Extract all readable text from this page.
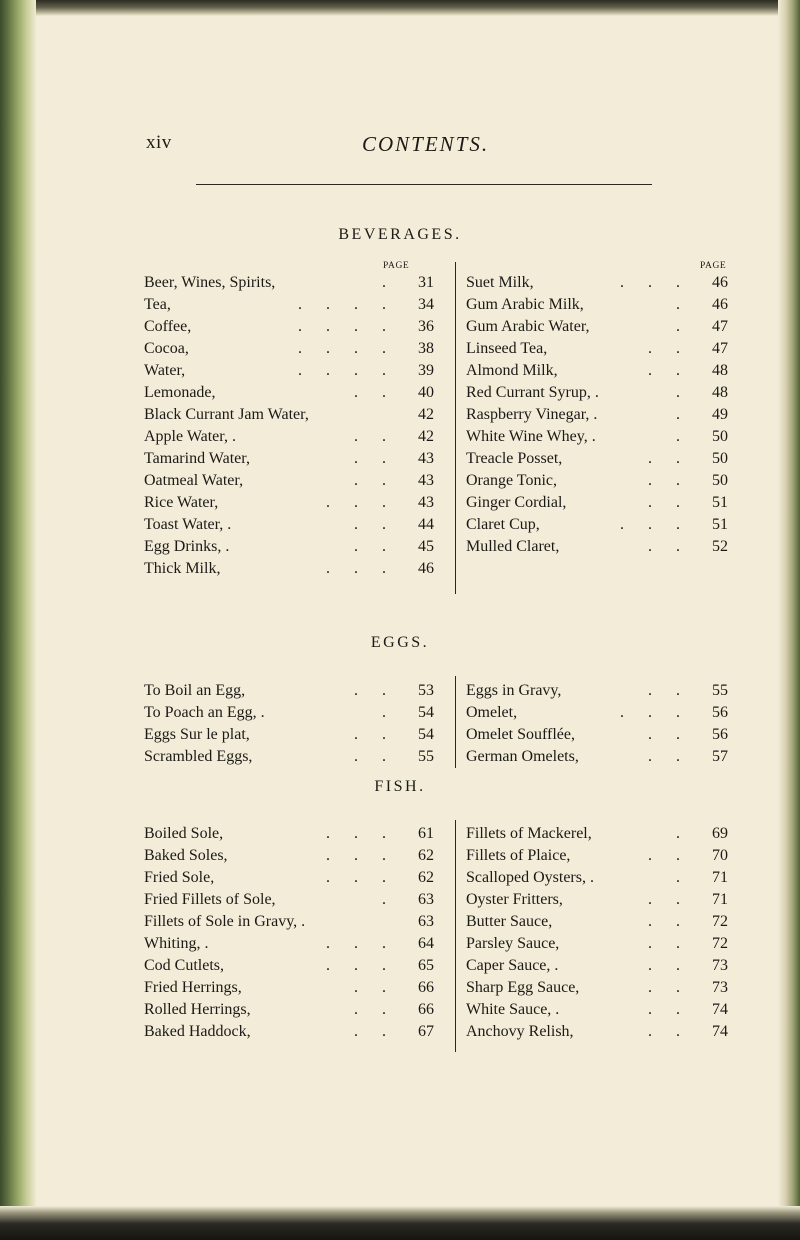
xiv	CONTENTS.
BEVERAGES.
EGGS.
FISH.
PAGE	PAGE
Beer, Wines, Spirits,	. 31
Tea,	. . . . 34
Coffee,	. . . . 36
Cocoa,	. . . . 38
Water,	. . . . 39
Lemonade,	. . 40
Black Currant Jam Water,	42
Apple Water, .	. . 42
Tamarind Water,	. . 43
Oatmeal Water,	. . 43
Rice Water,	. . . 43
Toast Water, .	. . 44
Egg Drinks, .	. . 45
Thick Milk,	. . . 46
Suet Milk,	. . . 46
Gum Arabic Milk,	. 46
Gum Arabic Water,	. 47
Linseed Tea,	. . 47
Almond Milk,	. . 48
Red Currant Syrup, .	. 48
Raspberry Vinegar, .	. 49
White Wine Whey, .	. 50
Treacle Posset,	. . 50
Orange Tonic,	. . 50
Ginger Cordial,	. . 51
Claret Cup,	. . . 51
Mulled Claret,	. . 52
To Boil an Egg,	. . 53
To Poach an Egg, .	. 54
Eggs Sur le plat,	. . 54
Scrambled Eggs,	. . 55
Eggs in Gravy,	. . 55
Omelet,	. . . 56
Omelet Soufflée,	. . 56
German Omelets,	. . 57
Boiled Sole,	. . . 61
Baked Soles,	. . . 62
Fried Sole,	. . . 62
Fried Fillets of Sole,	. 63
Fillets of Sole in Gravy, .	63
Whiting, .	. . . 64
Cod Cutlets,	. . . 65
Fried Herrings,	. . 66
Rolled Herrings,	. . 66
Baked Haddock,	. . 67
Fillets of Mackerel,	. 69
Fillets of Plaice,	. . 70
Scalloped Oysters, .	. 71
Oyster Fritters,	. . 71
Butter Sauce,	. . 72
Parsley Sauce,	. . 72
Caper Sauce, .	. . 73
Sharp Egg Sauce,	. . 73
White Sauce, .	. . 74
Anchovy Relish,	. . 74
